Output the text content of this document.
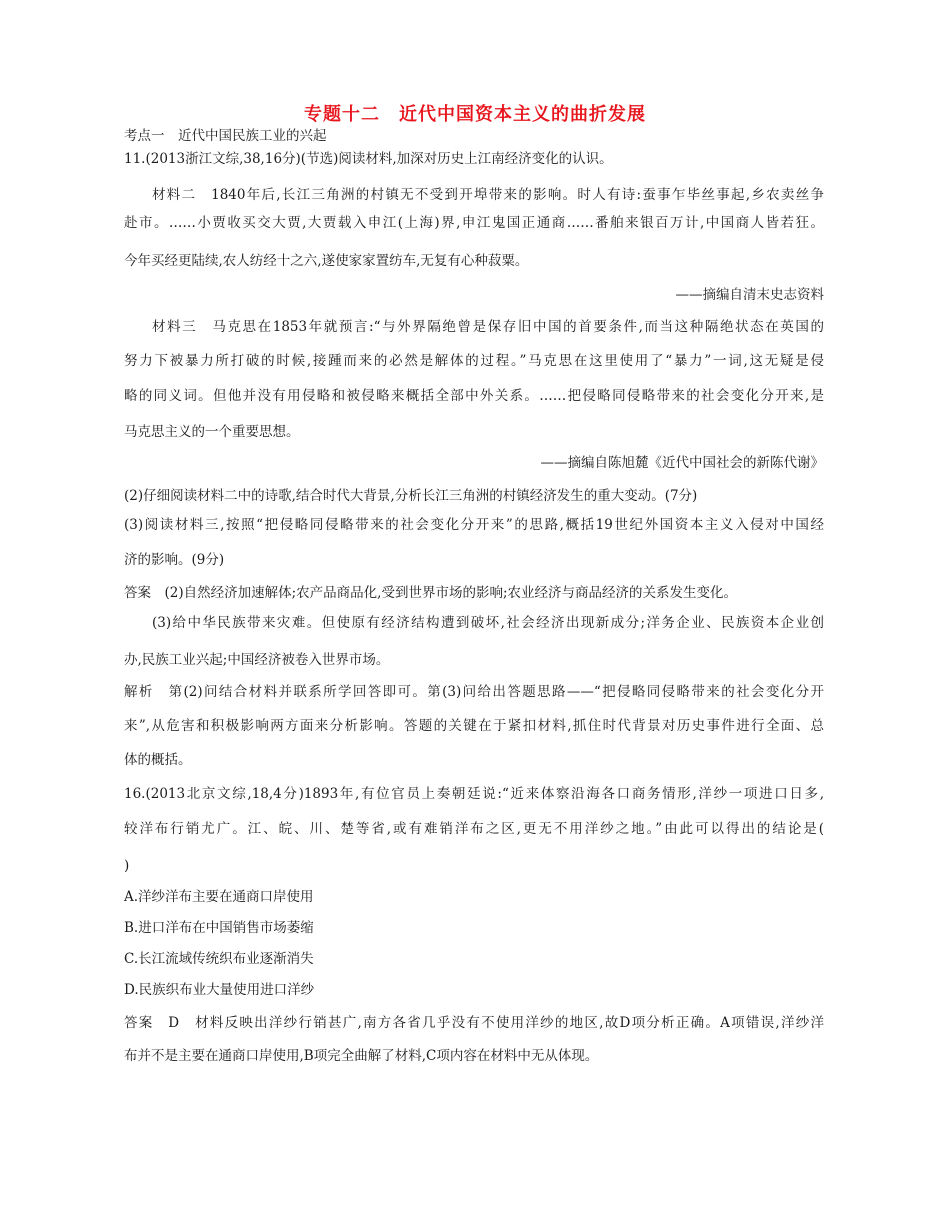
专题十二　近代中国资本主义的曲折发展
考点一　近代中国民族工业的兴起
11.(2013浙江文综,38,16分)(节选)阅读材料,加深对历史上江南经济变化的认识。
材料二　1840年后,长江三角洲的村镇无不受到开埠带来的影响。时人有诗:蚕事乍毕丝事起,乡农卖丝争
赴市。……小贾收买交大贾,大贾载入申江(上海)界,申江鬼国正通商……番舶来银百万计,中国商人皆若狂。
今年买经更陆续,农人纺经十之六,遂使家家置纺车,无复有心种菽粟。
——摘编自清末史志资料
材料三　马克思在1853年就预言:“与外界隔绝曾是保存旧中国的首要条件,而当这种隔绝状态在英国的
努力下被暴力所打破的时候,接踵而来的必然是解体的过程。”马克思在这里使用了“暴力”一词,这无疑是侵
略的同义词。但他并没有用侵略和被侵略来概括全部中外关系。……把侵略同侵略带来的社会变化分开来,是
马克思主义的一个重要思想。
——摘编自陈旭麓《近代中国社会的新陈代谢》
(2)仔细阅读材料二中的诗歌,结合时代大背景,分析长江三角洲的村镇经济发生的重大变动。(7分)
(3)阅读材料三,按照“把侵略同侵略带来的社会变化分开来”的思路,概括19世纪外国资本主义入侵对中国经
济的影响。(9分)
答案　(2)自然经济加速解体;农产品商品化,受到世界市场的影响;农业经济与商品经济的关系发生变化。
(3)给中华民族带来灾难。但使原有经济结构遭到破坏,社会经济出现新成分;洋务企业、民族资本企业创
办,民族工业兴起;中国经济被卷入世界市场。
解析　第(2)问结合材料并联系所学回答即可。第(3)问给出答题思路——“把侵略同侵略带来的社会变化分开
来”,从危害和积极影响两方面来分析影响。答题的关键在于紧扣材料,抓住时代背景对历史事件进行全面、总
体的概括。
16.(2013北京文综,18,4分)1893年,有位官员上奏朝廷说:“近来体察沿海各口商务情形,洋纱一项进口日多,
较洋布行销尤广。江、皖、川、楚等省,或有难销洋布之区,更无不用洋纱之地。”由此可以得出的结论是(
)
A.洋纱洋布主要在通商口岸使用
B.进口洋布在中国销售市场萎缩
C.长江流域传统织布业逐渐消失
D.民族织布业大量使用进口洋纱
答案　D　材料反映出洋纱行销甚广,南方各省几乎没有不使用洋纱的地区,故D项分析正确。A项错误,洋纱洋
布并不是主要在通商口岸使用,B项完全曲解了材料,C项内容在材料中无从体现。
